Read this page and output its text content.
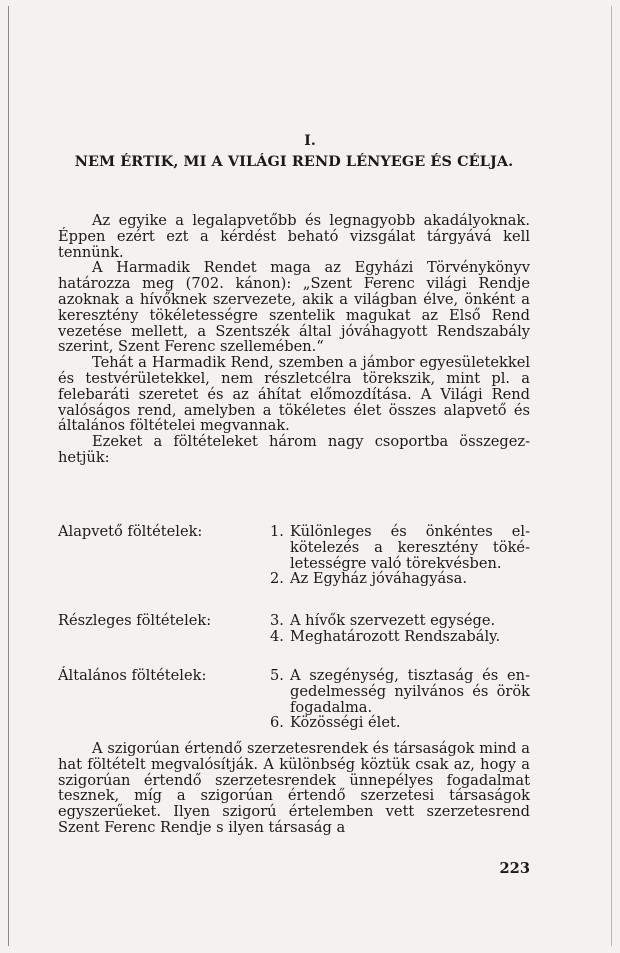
I.
NEM ÉRTIK, MI A VILÁGI REND LÉNYEGE ÉS CÉLJA.

Az egyike a legalapvetőbb és legnagyobb akadályoknak. Éppen ezért ezt a kérdést beható vizsgálat tárgyává kell tennünk.

A Harmadik Rendet maga az Egyházi Törvénykönyv határozza meg (702. kánon): „Szent Ferenc világi Rendje azoknak a hívőknek szervezete, akik a világban élve, önként a keresztény tökéletességre szentelik magukat az Első Rend vezetése mellett, a Szentszék által jóváhagyott Rendszabály szerint, Szent Ferenc szellemében.“

Tehát a Harmadik Rend, szemben a jámbor egyesületekkel és testvérületekkel, nem részletcélra törekszik, mint pl. a felebaráti szeretet és az áhítat előmozdítása. A Világi Rend valóságos rend, amelyben a tökéletes élet összes alapvető és általános föltételei megvannak.

Ezeket a föltételeket három nagy csoportba összegezhetjük:

Alapvető föltételek:	1. Különleges és önkéntes elkötelezés a keresztény tökéletességre való törekvésben.
2. Az Egyház jóváhagyása.
Részleges föltételek:	3. A hívők szervezett egysége.
4. Meghatározott Rendszabály.
Általános föltételek:	5. A szegénység, tisztaság és engedelmesség nyilvános és örök fogadalma.
6. Közösségi élet.

A szigorúan értendő szerzetesrendek és társaságok mind a hat föltételt megvalósítják. A különbség köztük csak az, hogy a szigorúan értendő szerzetesrendek ünnepélyes fogadalmat tesznek, míg a szigorúan értendő szerzetesi társaságok egyszerűeket. Ilyen szigorú értelemben vett szerzetesrend Szent Ferenc Rendje s ilyen társaság a

223
